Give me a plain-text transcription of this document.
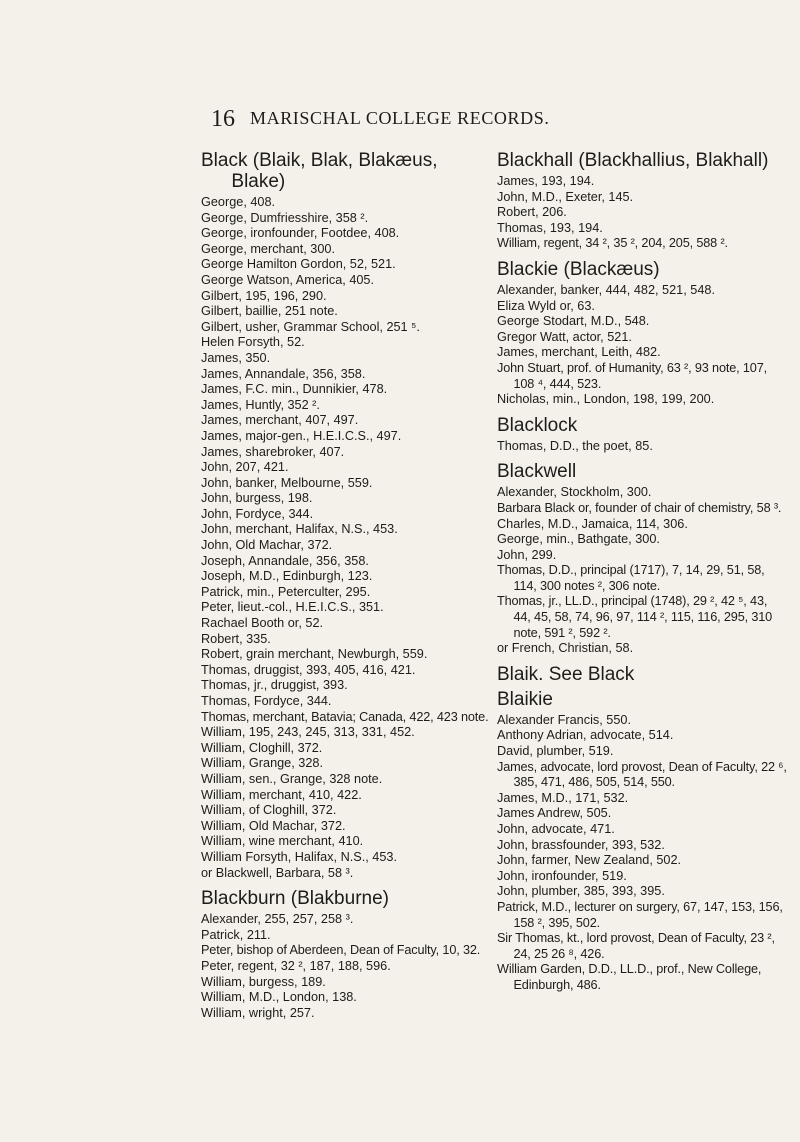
16 MARISCHAL COLLEGE RECORDS.
Black (Blaik, Blak, Blakæus, Blake)
George, 408.
George, Dumfriesshire, 358 ².
George, ironfounder, Footdee, 408.
George, merchant, 300.
George Hamilton Gordon, 52, 521.
George Watson, America, 405.
Gilbert, 195, 196, 290.
Gilbert, baillie, 251 note.
Gilbert, usher, Grammar School, 251 ⁵.
Helen Forsyth, 52.
James, 350.
James, Annandale, 356, 358.
James, F.C. min., Dunnikier, 478.
James, Huntly, 352 ².
James, merchant, 407, 497.
James, major-gen., H.E.I.C.S., 497.
James, sharebroker, 407.
John, 207, 421.
John, banker, Melbourne, 559.
John, burgess, 198.
John, Fordyce, 344.
John, merchant, Halifax, N.S., 453.
John, Old Machar, 372.
Joseph, Annandale, 356, 358.
Joseph, M.D., Edinburgh, 123.
Patrick, min., Peterculter, 295.
Peter, lieut.-col., H.E.I.C.S., 351.
Rachael Booth or, 52.
Robert, 335.
Robert, grain merchant, Newburgh, 559.
Thomas, druggist, 393, 405, 416, 421.
Thomas, jr., druggist, 393.
Thomas, Fordyce, 344.
Thomas, merchant, Batavia; Canada, 422, 423 note.
William, 195, 243, 245, 313, 331, 452.
William, Cloghill, 372.
William, Grange, 328.
William, sen., Grange, 328 note.
William, merchant, 410, 422.
William, of Cloghill, 372.
William, Old Machar, 372.
William, wine merchant, 410.
William Forsyth, Halifax, N.S., 453.
or Blackwell, Barbara, 58 ³.
Blackburn (Blakburne)
Alexander, 255, 257, 258 ³.
Patrick, 211.
Peter, bishop of Aberdeen, Dean of Faculty, 10, 32.
Peter, regent, 32 ², 187, 188, 596.
William, burgess, 189.
William, M.D., London, 138.
William, wright, 257.
Blackhall (Blackhallius, Blakhall)
James, 193, 194.
John, M.D., Exeter, 145.
Robert, 206.
Thomas, 193, 194.
William, regent, 34 ², 35 ², 204, 205, 588 ².
Blackie (Blackæus)
Alexander, banker, 444, 482, 521, 548.
Eliza Wyld or, 63.
George Stodart, M.D., 548.
Gregor Watt, actor, 521.
James, merchant, Leith, 482.
John Stuart, prof. of Humanity, 63 ², 93 note, 107, 108 ⁴, 444, 523.
Nicholas, min., London, 198, 199, 200.
Blacklock
Thomas, D.D., the poet, 85.
Blackwell
Alexander, Stockholm, 300.
Barbara Black or, founder of chair of chemistry, 58 ³.
Charles, M.D., Jamaica, 114, 306.
George, min., Bathgate, 300.
John, 299.
Thomas, D.D., principal (1717), 7, 14, 29, 51, 58, 114, 300 notes ², 306 note.
Thomas, jr., LL.D., principal (1748), 29 ², 42 ⁵, 43, 44, 45, 58, 74, 96, 97, 114 ², 115, 116, 295, 310 note, 591 ², 592 ².
or French, Christian, 58.
Blaik. See Black
Blaikie
Alexander Francis, 550.
Anthony Adrian, advocate, 514.
David, plumber, 519.
James, advocate, lord provost, Dean of Faculty, 22 ⁶, 385, 471, 486, 505, 514, 550.
James, M.D., 171, 532.
James Andrew, 505.
John, advocate, 471.
John, brassfounder, 393, 532.
John, farmer, New Zealand, 502.
John, ironfounder, 519.
John, plumber, 385, 393, 395.
Patrick, M.D., lecturer on surgery, 67, 147, 153, 156, 158 ², 395, 502.
Sir Thomas, kt., lord provost, Dean of Faculty, 23 ², 24, 25 26 ⁸, 426.
William Garden, D.D., LL.D., prof., New College, Edinburgh, 486.
